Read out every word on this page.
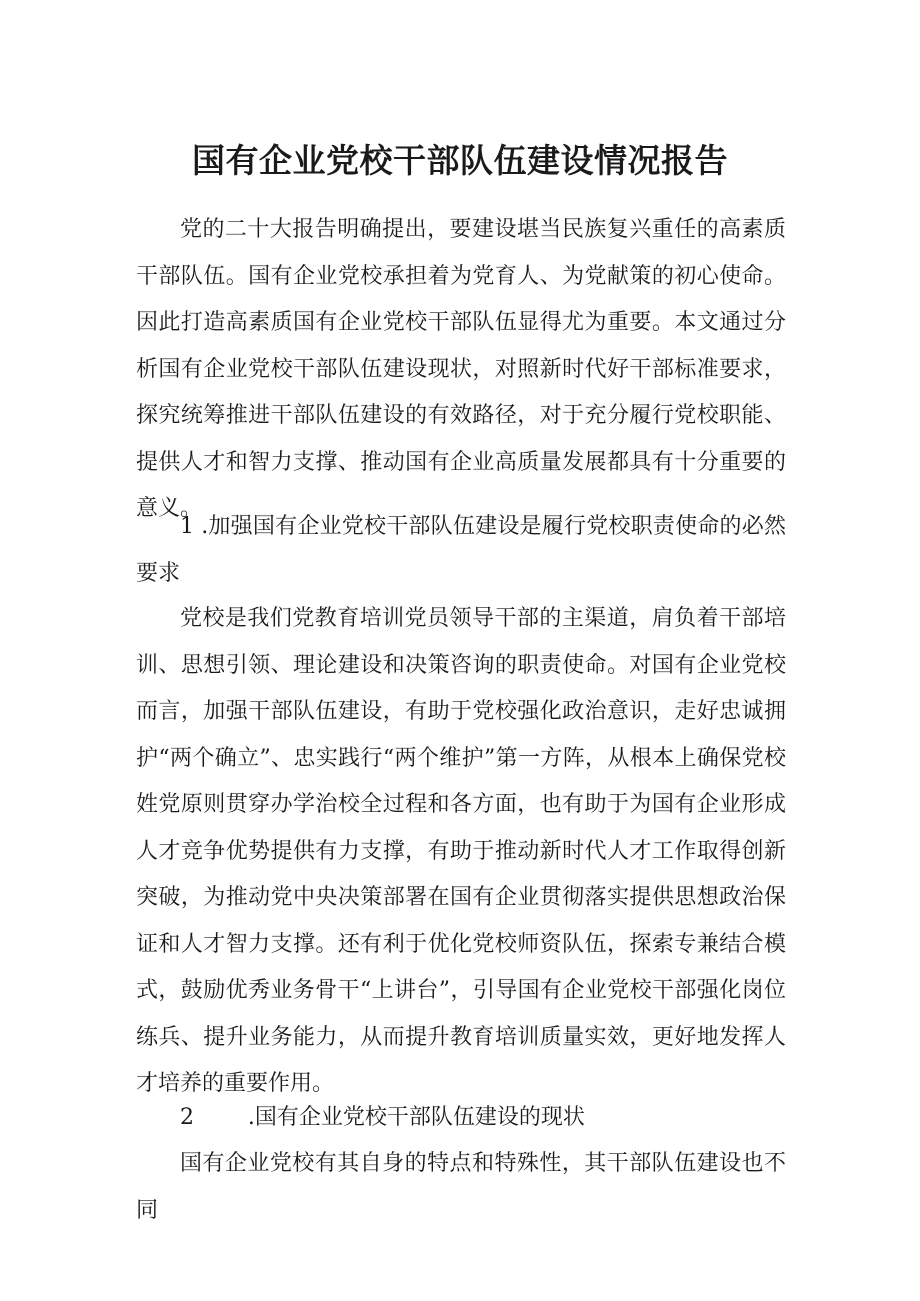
国有企业党校干部队伍建设情况报告

党的二十大报告明确提出，要建设堪当民族复兴重任的高素质干部队伍。国有企业党校承担着为党育人、为党献策的初心使命。因此打造高素质国有企业党校干部队伍显得尤为重要。本文通过分析国有企业党校干部队伍建设现状，对照新时代好干部标准要求，探究统筹推进干部队伍建设的有效路径，对于充分履行党校职能、提供人才和智力支撑、推动国有企业高质量发展都具有十分重要的意义。

1 .加强国有企业党校干部队伍建设是履行党校职责使命的必然要求

党校是我们党教育培训党员领导干部的主渠道，肩负着干部培训、思想引领、理论建设和决策咨询的职责使命。对国有企业党校而言，加强干部队伍建设，有助于党校强化政治意识，走好忠诚拥护“两个确立”、忠实践行“两个维护”第一方阵，从根本上确保党校姓党原则贯穿办学治校全过程和各方面，也有助于为国有企业形成人才竞争优势提供有力支撑，有助于推动新时代人才工作取得创新突破，为推动党中央决策部署在国有企业贯彻落实提供思想政治保证和人才智力支撑。还有利于优化党校师资队伍，探索专兼结合模式，鼓励优秀业务骨干“上讲台”，引导国有企业党校干部强化岗位练兵、提升业务能力，从而提升教育培训质量实效，更好地发挥人才培养的重要作用。

2	.国有企业党校干部队伍建设的现状

国有企业党校有其自身的特点和特殊性，其干部队伍建设也不同
